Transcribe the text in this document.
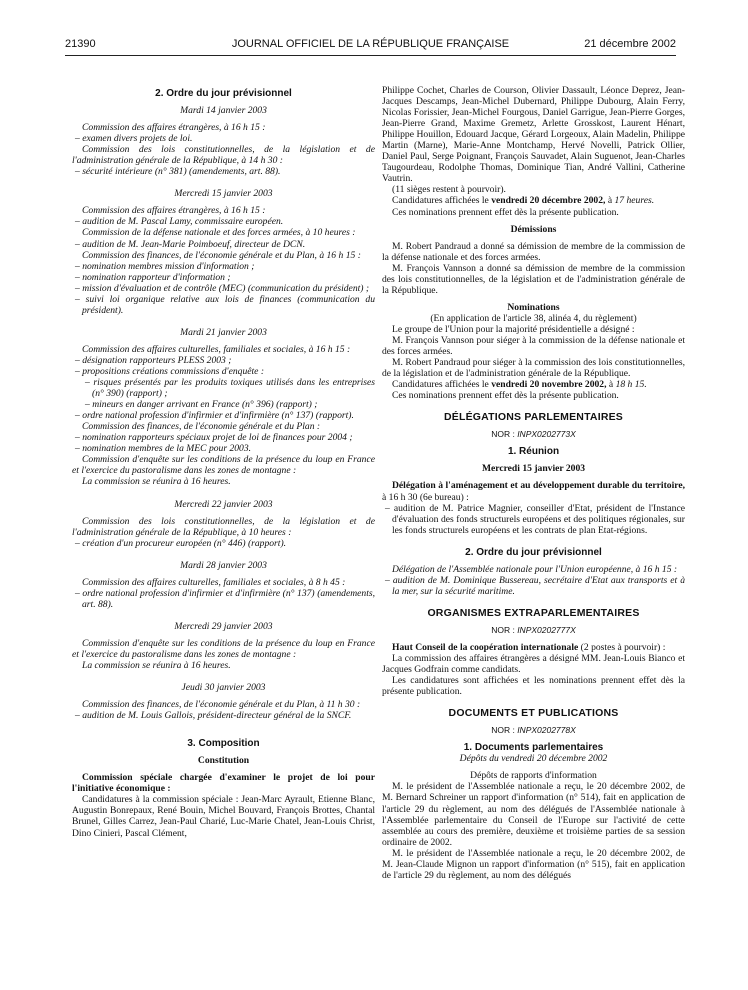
21390	JOURNAL OFFICIEL DE LA RÉPUBLIQUE FRANÇAISE	21 décembre 2002

2. Ordre du jour prévisionnel

Mardi 14 janvier 2003

Commission des affaires étrangères, à 16 h 15 :

– examen divers projets de loi.

Commission des lois constitutionnelles, de la législation et de l'administration générale de la République, à 14 h 30 :

– sécurité intérieure (n° 381) (amendements, art. 88).

Mercredi 15 janvier 2003

Commission des affaires étrangères, à 16 h 15 :

– audition de M. Pascal Lamy, commissaire européen.

Commission de la défense nationale et des forces armées, à 10 heures :

– audition de M. Jean-Marie Poimboeuf, directeur de DCN.

Commission des finances, de l'économie générale et du Plan, à 16 h 15 :

– nomination membres mission d'information ;

– nomination rapporteur d'information ;

– mission d'évaluation et de contrôle (MEC) (communication du président) ;

– suivi loi organique relative aux lois de finances (communication du président).

Mardi 21 janvier 2003

Commission des affaires culturelles, familiales et sociales, à 16 h 15 :

– désignation rapporteurs PLESS 2003 ;

– propositions créations commissions d'enquête :

– risques présentés par les produits toxiques utilisés dans les entreprises (n° 390) (rapport) ;

– mineurs en danger arrivant en France (n° 396) (rapport) ;

– ordre national profession d'infirmier et d'infirmière (n° 137) (rapport).

Commission des finances, de l'économie générale et du Plan :

– nomination rapporteurs spéciaux projet de loi de finances pour 2004 ;

– nomination membres de la MEC pour 2003.

Commission d'enquête sur les conditions de la présence du loup en France et l'exercice du pastoralisme dans les zones de montagne :

La commission se réunira à 16 heures.

Mercredi 22 janvier 2003

Commission des lois constitutionnelles, de la législation et de l'administration générale de la République, à 10 heures :

– création d'un procureur européen (n° 446) (rapport).

Mardi 28 janvier 2003

Commission des affaires culturelles, familiales et sociales, à 8 h 45 :

– ordre national profession d'infirmier et d'infirmière (n° 137) (amendements, art. 88).

Mercredi 29 janvier 2003

Commission d'enquête sur les conditions de la présence du loup en France et l'exercice du pastoralisme dans les zones de montagne :

La commission se réunira à 16 heures.

Jeudi 30 janvier 2003

Commission des finances, de l'économie générale et du Plan, à 11 h 30 :

– audition de M. Louis Gallois, président-directeur général de la SNCF.

3. Composition

Constitution

Commission spéciale chargée d'examiner le projet de loi pour l'initiative économique :

Candidatures à la commission spéciale : Jean-Marc Ayrault, Etienne Blanc, Augustin Bonrepaux, René Bouin, Michel Bouvard, François Brottes, Chantal Brunel, Gilles Carrez, Jean-Paul Charié, Luc-Marie Chatel, Jean-Louis Christ, Dino Cinieri, Pascal Clément,

Philippe Cochet, Charles de Courson, Olivier Dassault, Léonce Deprez, Jean-Jacques Descamps, Jean-Michel Dubernard, Philippe Dubourg, Alain Ferry, Nicolas Forissier, Jean-Michel Fourgous, Daniel Garrigue, Jean-Pierre Gorges, Jean-Pierre Grand, Maxime Gremetz, Arlette Grosskost, Laurent Hénart, Philippe Houillon, Edouard Jacque, Gérard Lorgeoux, Alain Madelin, Philippe Martin (Marne), Marie-Anne Montchamp, Hervé Novelli, Patrick Ollier, Daniel Paul, Serge Poignant, François Sauvadet, Alain Suguenot, Jean-Charles Taugourdeau, Rodolphe Thomas, Dominique Tian, André Vallini, Catherine Vautrin.

(11 sièges restent à pourvoir).

Candidatures affichées le vendredi 20 décembre 2002, à 17 heures.

Ces nominations prennent effet dès la présente publication.

Démissions

M. Robert Pandraud a donné sa démission de membre de la commission de la défense nationale et des forces armées.

M. François Vannson a donné sa démission de membre de la commission des lois constitutionnelles, de la législation et de l'administration générale de la République.

Nominations

(En application de l'article 38, alinéa 4, du règlement)

Le groupe de l'Union pour la majorité présidentielle a désigné :

M. François Vannson pour siéger à la commission de la défense nationale et des forces armées.

M. Robert Pandraud pour siéger à la commission des lois constitutionnelles, de la législation et de l'administration générale de la République.

Candidatures affichées le vendredi 20 novembre 2002, à 18 h 15.

Ces nominations prennent effet dès la présente publication.

DÉLÉGATIONS PARLEMENTAIRES

NOR : INPX0202773X

1. Réunion

Mercredi 15 janvier 2003

Délégation à l'aménagement et au développement durable du territoire, à 16 h 30 (6e bureau) :

– audition de M. Patrice Magnier, conseiller d'Etat, président de l'Instance d'évaluation des fonds structurels européens et des politiques régionales, sur les fonds structurels européens et les contrats de plan Etat-régions.

2. Ordre du jour prévisionnel

Délégation de l'Assemblée nationale pour l'Union européenne, à 16 h 15 :

– audition de M. Dominique Bussereau, secrétaire d'Etat aux transports et à la mer, sur la sécurité maritime.

ORGANISMES EXTRAPARLEMENTAIRES

NOR : INPX0202777X

Haut Conseil de la coopération internationale (2 postes à pourvoir) :

La commission des affaires étrangères a désigné MM. Jean-Louis Bianco et Jacques Godfrain comme candidats.

Les candidatures sont affichées et les nominations prennent effet dès la présente publication.

DOCUMENTS ET PUBLICATIONS

NOR : INPX0202778X

1. Documents parlementaires

Dépôts du vendredi 20 décembre 2002

Dépôts de rapports d'information

M. le président de l'Assemblée nationale a reçu, le 20 décembre 2002, de M. Bernard Schreiner un rapport d'information (n° 514), fait en application de l'article 29 du règlement, au nom des délégués de l'Assemblée nationale à l'Assemblée parlementaire du Conseil de l'Europe sur l'activité de cette assemblée au cours des première, deuxième et troisième parties de sa session ordinaire de 2002.

M. le président de l'Assemblée nationale a reçu, le 20 décembre 2002, de M. Jean-Claude Mignon un rapport d'information (n° 515), fait en application de l'article 29 du règlement, au nom des délégués
